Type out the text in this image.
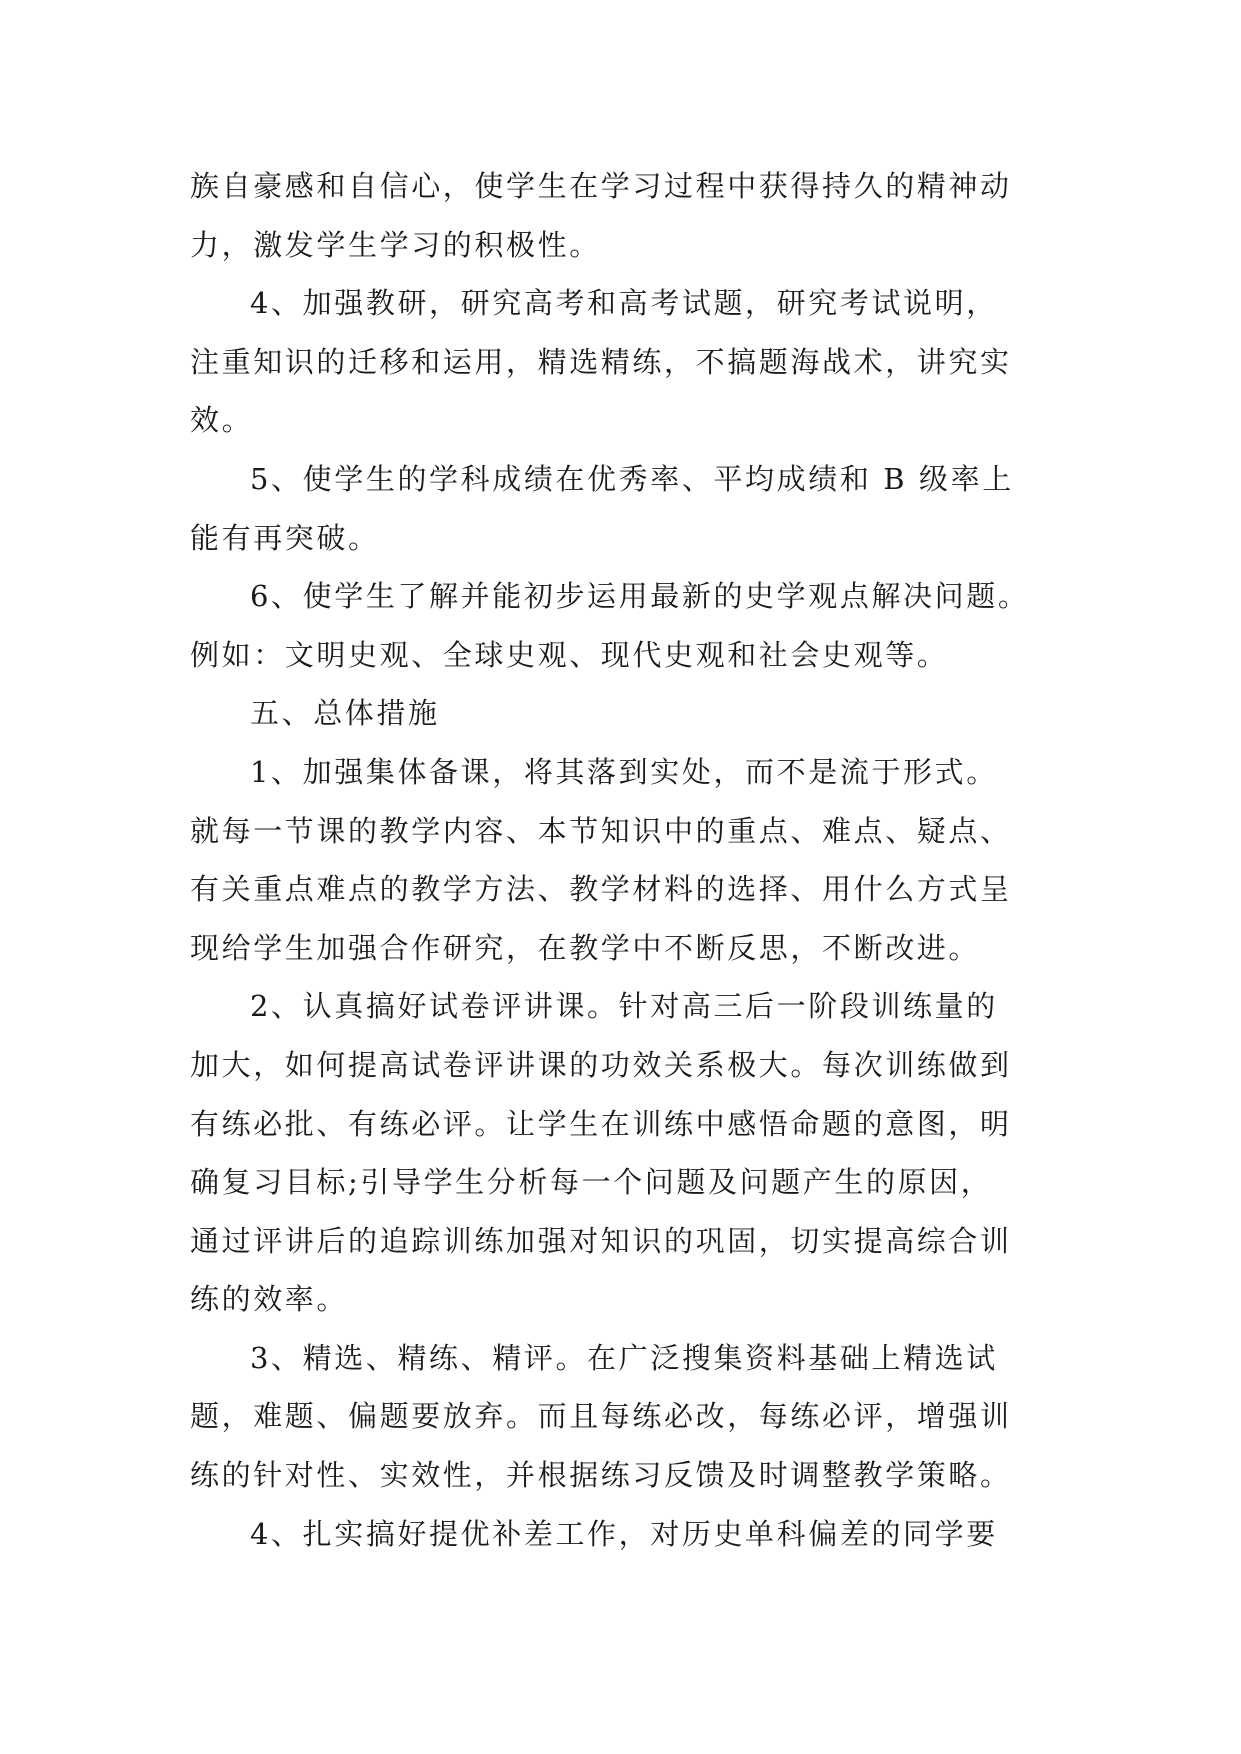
族自豪感和自信心，使学生在学习过程中获得持久的精神动
力，激发学生学习的积极性。
4、加强教研，研究高考和高考试题，研究考试说明，
注重知识的迁移和运用，精选精练，不搞题海战术，讲究实
效。
5、使学生的学科成绩在优秀率、平均成绩和 B 级率上
能有再突破。
6、使学生了解并能初步运用最新的史学观点解决问题。
例如：文明史观、全球史观、现代史观和社会史观等。
五、总体措施
1、加强集体备课，将其落到实处，而不是流于形式。
就每一节课的教学内容、本节知识中的重点、难点、疑点、
有关重点难点的教学方法、教学材料的选择、用什么方式呈
现给学生加强合作研究，在教学中不断反思，不断改进。
2、认真搞好试卷评讲课。针对高三后一阶段训练量的
加大，如何提高试卷评讲课的功效关系极大。每次训练做到
有练必批、有练必评。让学生在训练中感悟命题的意图，明
确复习目标;引导学生分析每一个问题及问题产生的原因，
通过评讲后的追踪训练加强对知识的巩固，切实提高综合训
练的效率。
3、精选、精练、精评。在广泛搜集资料基础上精选试
题，难题、偏题要放弃。而且每练必改，每练必评，增强训
练的针对性、实效性，并根据练习反馈及时调整教学策略。
4、扎实搞好提优补差工作，对历史单科偏差的同学要
